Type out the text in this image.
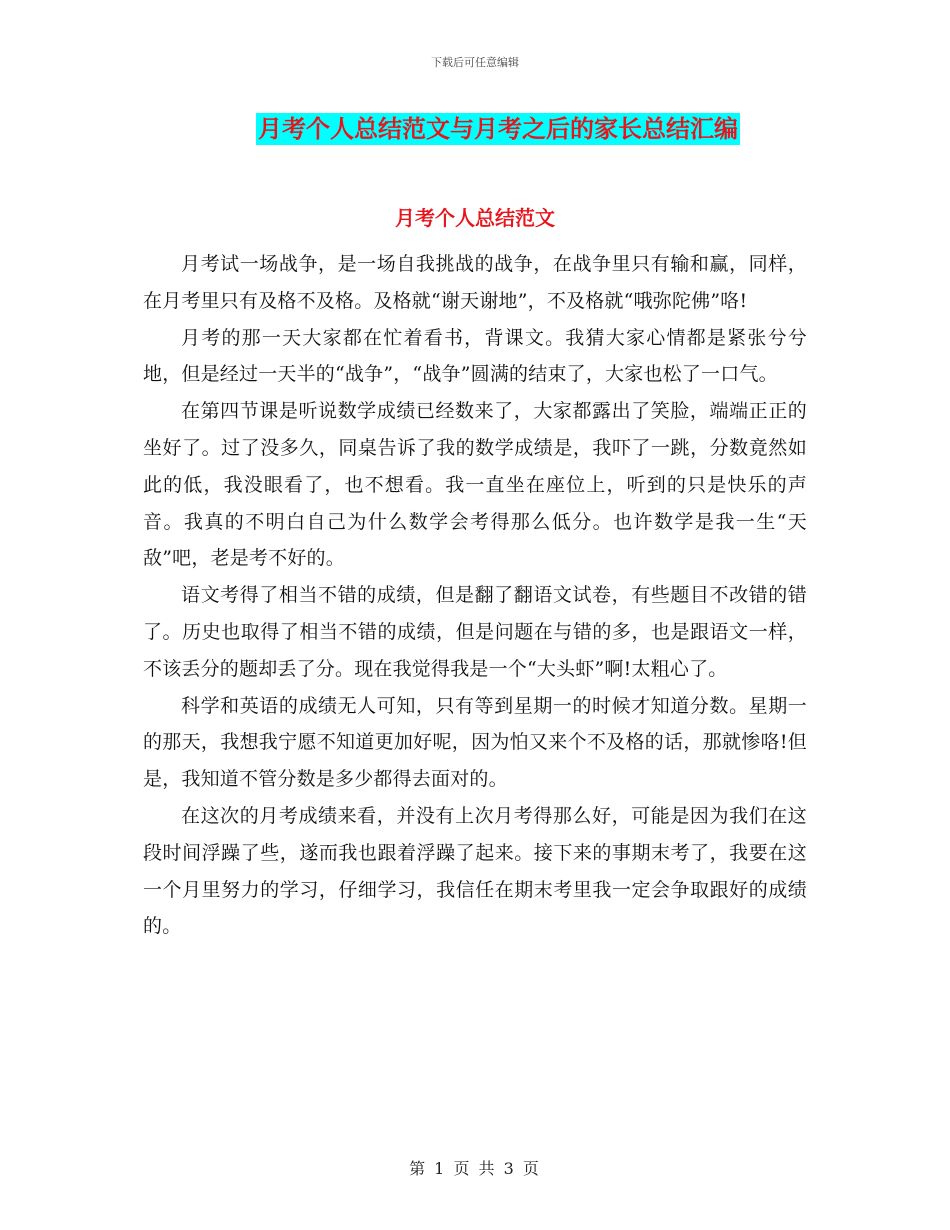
下载后可任意编辑
月考个人总结范文与月考之后的家长总结汇编
月考个人总结范文

月考试一场战争，是一场自我挑战的战争，在战争里只有输和赢，同样，在月考里只有及格不及格。及格就“谢天谢地”，不及格就“哦弥陀佛”咯!

月考的那一天大家都在忙着看书，背课文。我猜大家心情都是紧张兮兮地，但是经过一天半的“战争”，“战争”圆满的结束了，大家也松了一口气。

在第四节课是听说数学成绩已经数来了，大家都露出了笑脸，端端正正的坐好了。过了没多久，同桌告诉了我的数学成绩是，我吓了一跳，分数竟然如此的低，我没眼看了，也不想看。我一直坐在座位上，听到的只是快乐的声音。我真的不明白自己为什么数学会考得那么低分。也许数学是我一生“天敌”吧，老是考不好的。

语文考得了相当不错的成绩，但是翻了翻语文试卷，有些题目不改错的错了。历史也取得了相当不错的成绩，但是问题在与错的多，也是跟语文一样，不该丢分的题却丢了分。现在我觉得我是一个“大头虾”啊!太粗心了。

科学和英语的成绩无人可知，只有等到星期一的时候才知道分数。星期一的那天，我想我宁愿不知道更加好呢，因为怕又来个不及格的话，那就惨咯!但是，我知道不管分数是多少都得去面对的。

在这次的月考成绩来看，并没有上次月考得那么好，可能是因为我们在这段时间浮躁了些，遂而我也跟着浮躁了起来。接下来的事期末考了，我要在这一个月里努力的学习，仔细学习，我信任在期末考里我一定会争取跟好的成绩的。

第 1 页 共 3 页
